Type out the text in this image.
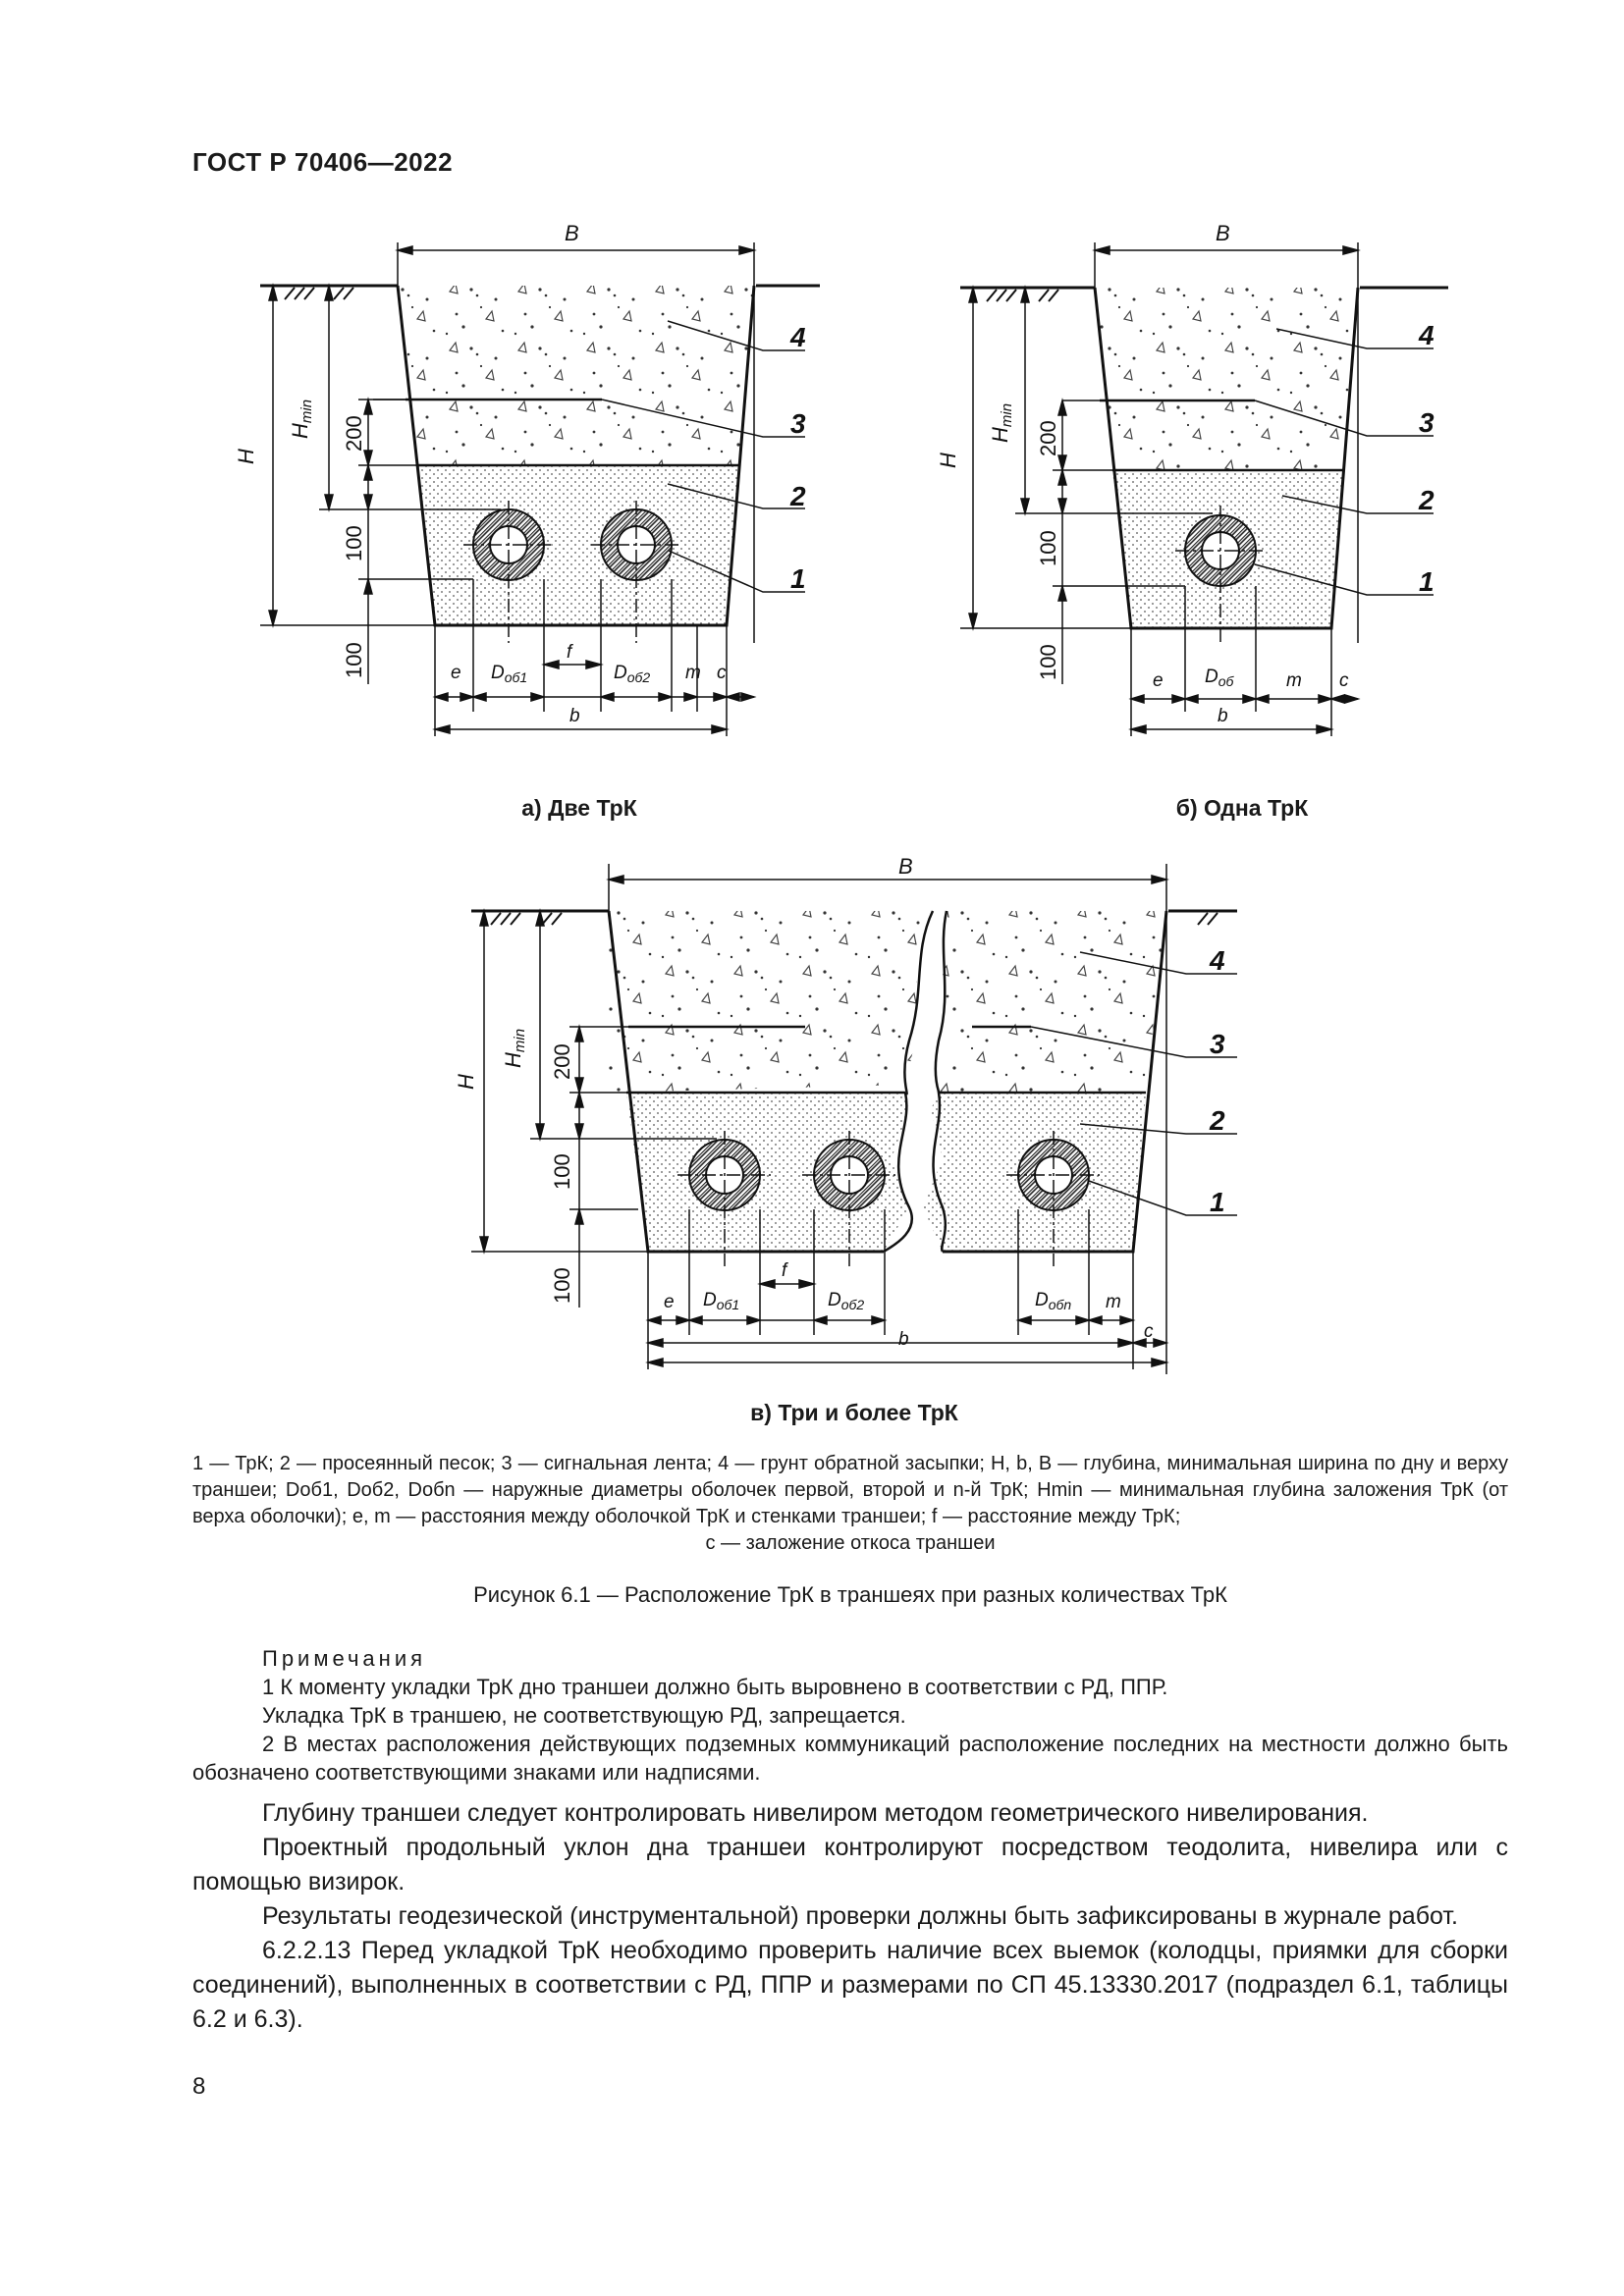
ГОСТ Р 70406—2022
В
H
Hmin
200
100
100	e $D_{об1}$
f
$D_{об2}$ m c
b
4
3
2
1
а) Две ТрК
В
H
Hmin
200
100
100
e $D_{об}$	m c
b
4
3
2
1
б) Одна ТрК
В
H
Hmin
200
100
100	e $D_{об1}$
f
$D_{об2}$	$D_{обn}$ m
c
b
4
3
2
1
в) Три и более ТрК
1 — ТрК; 2 — просеянный песок; 3 — сигнальная лента; 4 — грунт обратной засыпки; H, b, B — глубина, минимальная ширина по дну и верху траншеи; Dоб1, Dоб2, Dобn — наружные диаметры оболочек первой, второй и n-й ТрК; Hmin — минимальная глубина заложения ТрК (от верха оболочки); e, m — расстояния между оболочкой ТрК и стенками траншеи; f — расстояние между ТрК;
c — заложение откоса траншеи
Рисунок 6.1 — Расположение ТрК в траншеях при разных количествах ТрК
Примечания
1 К моменту укладки ТрК дно траншеи должно быть выровнено в соответствии с РД, ППР.
Укладка ТрК в траншею, не соответствующую РД, запрещается.
2 В местах расположения действующих подземных коммуникаций расположение последних на местности должно быть обозначено соответствующими знаками или надписями.

Глубину траншеи следует контролировать нивелиром методом геометрического нивелирования.

Проектный продольный уклон дна траншеи контролируют посредством теодолита, нивелира или с помощью визирок.

Результаты геодезической (инструментальной) проверки должны быть зафиксированы в журнале работ.

6.2.2.13 Перед укладкой ТрК необходимо проверить наличие всех выемок (колодцы, приямки для сборки соединений), выполненных в соответствии с РД, ППР и размерами по СП 45.13330.2017 (подраздел 6.1, таблицы 6.2 и 6.3).

8
